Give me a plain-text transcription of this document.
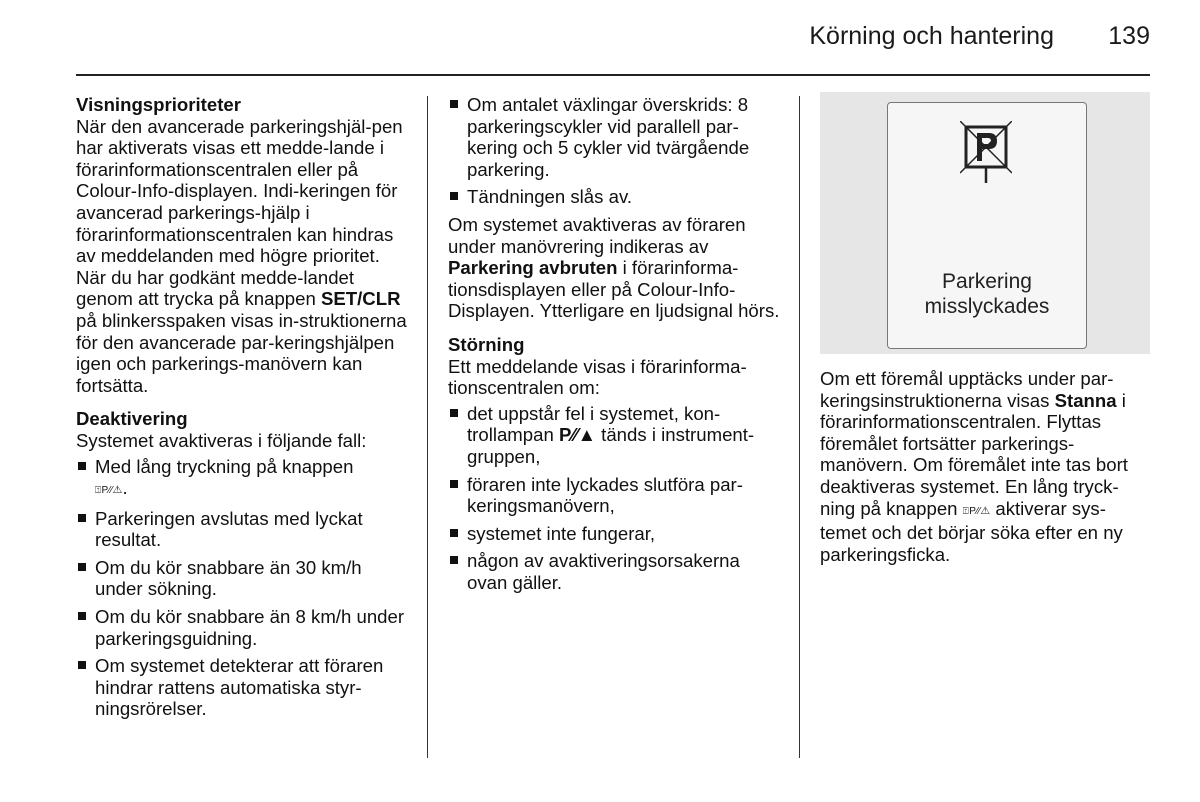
Körning och hantering 139

Visningsprioriteter

När den avancerade parkeringshjäl-pen har aktiverats visas ett medde-lande i förarinformationscentralen eller på Colour-Info-displayen. Indi-keringen för avancerad parkerings-hjälp i förarinformationscentralen kan hindras av meddelanden med högre prioritet. När du har godkänt medde-landet genom att trycka på knappen SET/CLR på blinkersspaken visas in-struktionerna för den avancerade par-keringshjälpen igen och parkerings-manövern kan fortsätta.

Deaktivering

Systemet avaktiveras i följande fall:

Med lång tryckning på knappen
⍐P⁄⁄⚠.
Parkeringen avslutas med lyckat resultat.
Om du kör snabbare än 30 km/h under sökning.
Om du kör snabbare än 8 km/h under parkeringsguidning.
Om systemet detekterar att föraren hindrar rattens automatiska styr-ningsrörelser.
Om antalet växlingar överskrids: 8 parkeringscykler vid parallell par-kering och 5 cykler vid tvärgående parkering.
Tändningen slås av.

Om systemet avaktiveras av föraren under manövrering indikeras av Parkering avbruten i förarinforma-tionsdisplayen eller på Colour-Info-Displayen. Ytterligare en ljudsignal hörs.

Störning

Ett meddelande visas i förarinforma-tionscentralen om:

det uppstår fel i systemet, kon-trollampan P⁄⁄▲ tänds i instrument-gruppen,
föraren inte lyckades slutföra par-keringsmanövern,
systemet inte fungerar,
någon av avaktiveringsorsakerna ovan gäller.
Parkering
misslyckades

Om ett föremål upptäcks under par-keringsinstruktionerna visas Stanna i förarinformationscentralen. Flyttas föremålet fortsätter parkerings-manövern. Om föremålet inte tas bort deaktiveras systemet. En lång tryck-ning på knappen ⍐P⁄⁄⚠ aktiverar sys-temet och det börjar söka efter en ny parkeringsficka.
